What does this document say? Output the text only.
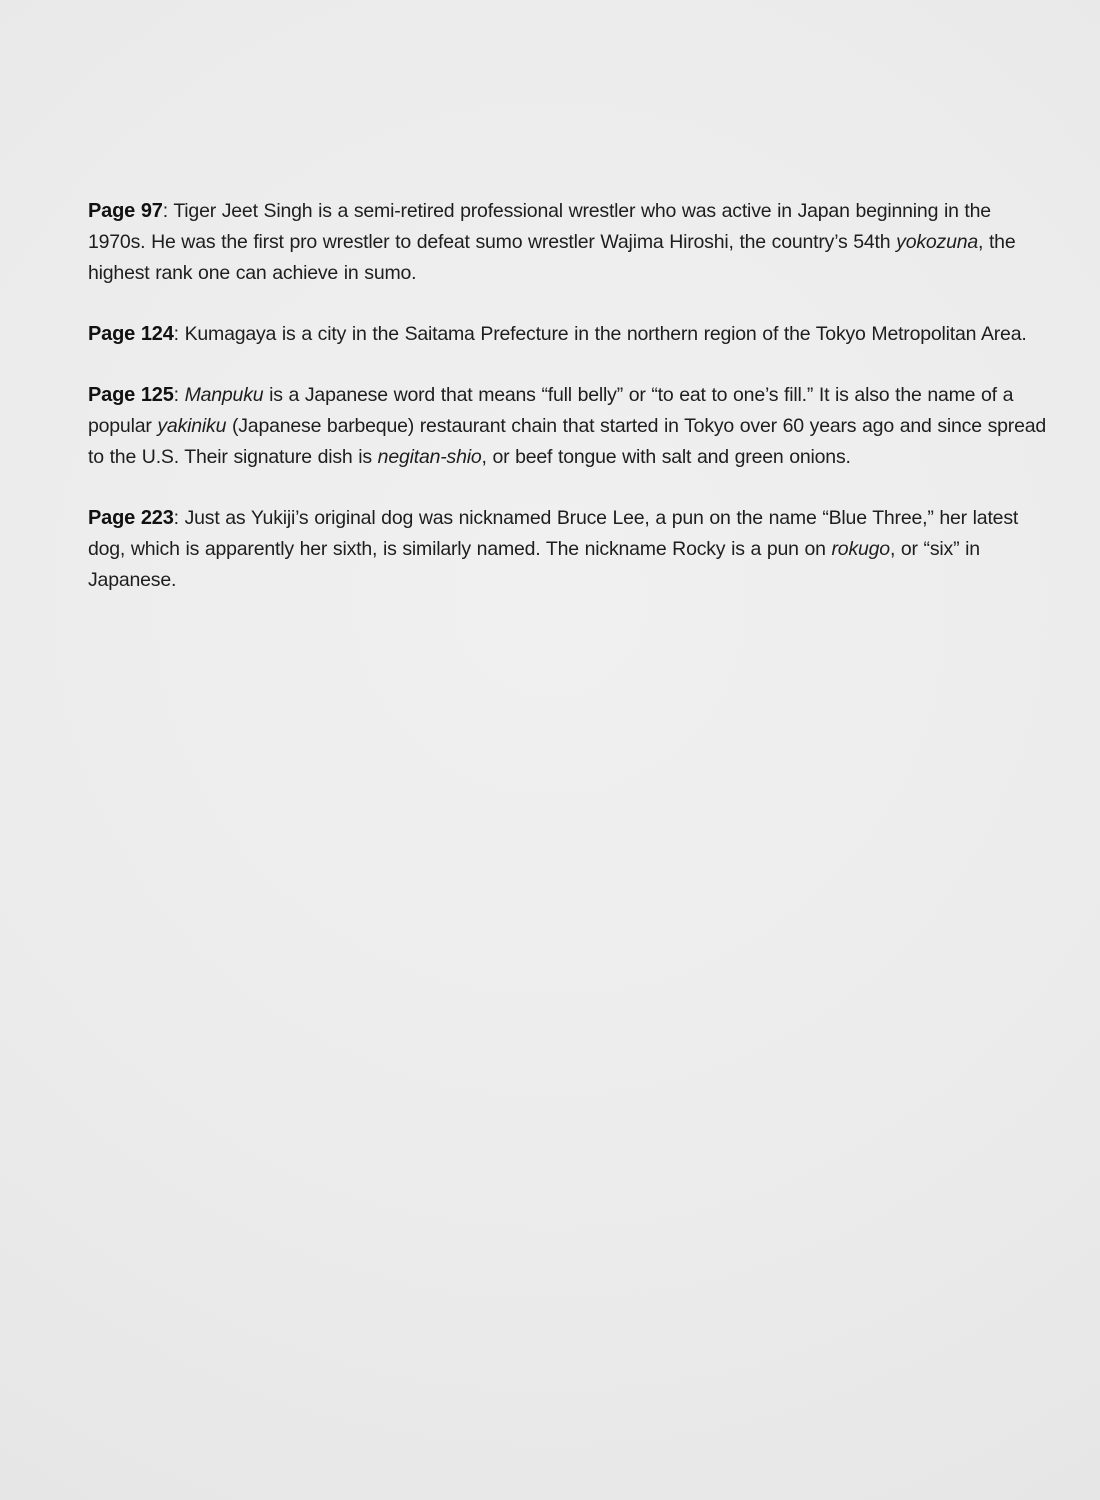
Page 97: Tiger Jeet Singh is a semi-retired professional wrestler who was active in Japan beginning in the 1970s. He was the first pro wrestler to defeat sumo wrestler Wajima Hiroshi, the country’s 54th yokozuna, the highest rank one can achieve in sumo.

Page 124: Kumagaya is a city in the Saitama Prefecture in the northern region of the Tokyo Metropolitan Area.

Page 125: Manpuku is a Japanese word that means “full belly” or “to eat to one’s fill.” It is also the name of a popular yakiniku (Japanese barbeque) restaurant chain that started in Tokyo over 60 years ago and since spread to the U.S. Their signature dish is negitan-shio, or beef tongue with salt and green onions.

Page 223: Just as Yukiji’s original dog was nicknamed Bruce Lee, a pun on the name “Blue Three,” her latest dog, which is apparently her sixth, is similarly named. The nickname Rocky is a pun on rokugo, or “six” in Japanese.
